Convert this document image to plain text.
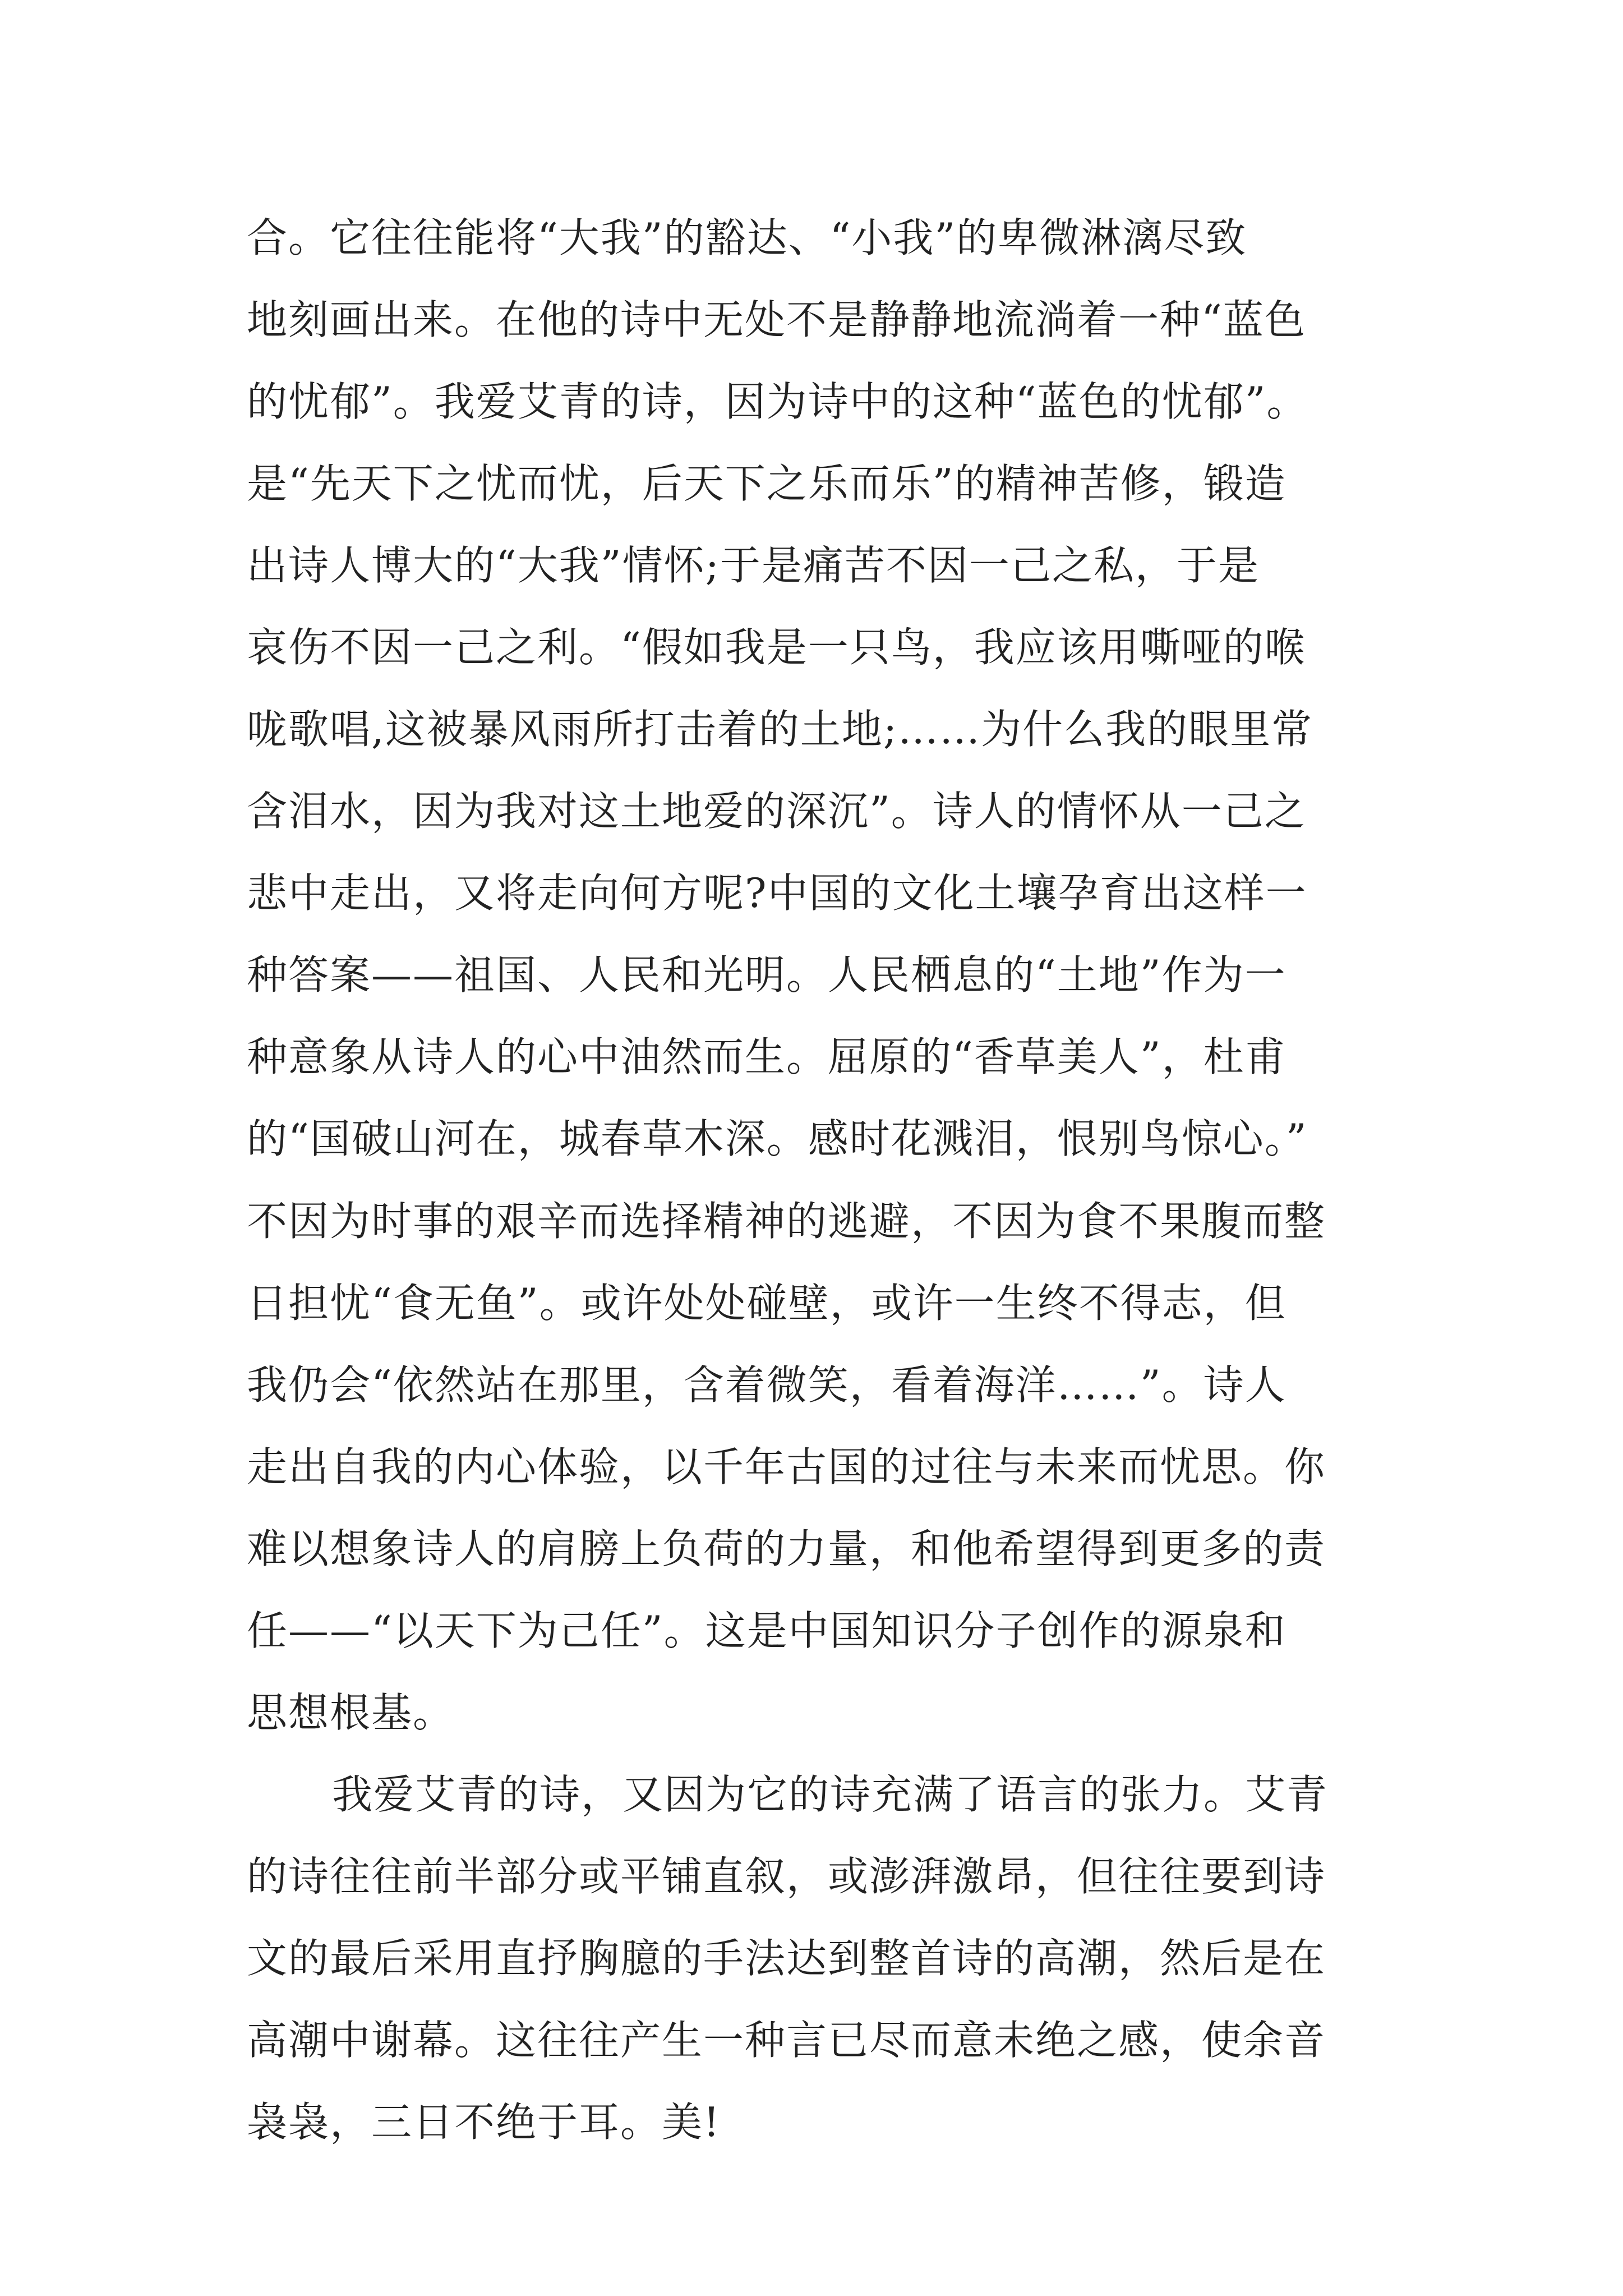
合。它往往能将“大我”的豁达、“小我”的卑微淋漓尽致
地刻画出来。在他的诗中无处不是静静地流淌着一种“蓝色
的忧郁”。我爱艾青的诗，因为诗中的这种“蓝色的忧郁”。
是“先天下之忧而忧，后天下之乐而乐”的精神苦修，锻造
出诗人博大的“大我”情怀;于是痛苦不因一己之私，于是
哀伤不因一己之利。“假如我是一只鸟，我应该用嘶哑的喉
咙歌唱,这被暴风雨所打击着的土地;……为什么我的眼里常
含泪水，因为我对这土地爱的深沉”。诗人的情怀从一己之
悲中走出，又将走向何方呢?中国的文化土壤孕育出这样一
种答案——祖国、人民和光明。人民栖息的“土地”作为一
种意象从诗人的心中油然而生。屈原的“香草美人”，杜甫
的“国破山河在，城春草木深。感时花溅泪，恨别鸟惊心。”
不因为时事的艰辛而选择精神的逃避，不因为食不果腹而整
日担忧“食无鱼”。或许处处碰壁，或许一生终不得志，但
我仍会“依然站在那里，含着微笑，看着海洋……”。诗人
走出自我的内心体验，以千年古国的过往与未来而忧思。你
难以想象诗人的肩膀上负荷的力量，和他希望得到更多的责
任——“以天下为己任”。这是中国知识分子创作的源泉和
思想根基。
我爱艾青的诗，又因为它的诗充满了语言的张力。艾青
的诗往往前半部分或平铺直叙，或澎湃激昂，但往往要到诗
文的最后采用直抒胸臆的手法达到整首诗的高潮，然后是在
高潮中谢幕。这往往产生一种言已尽而意未绝之感，使余音
袅袅，三日不绝于耳。美!
